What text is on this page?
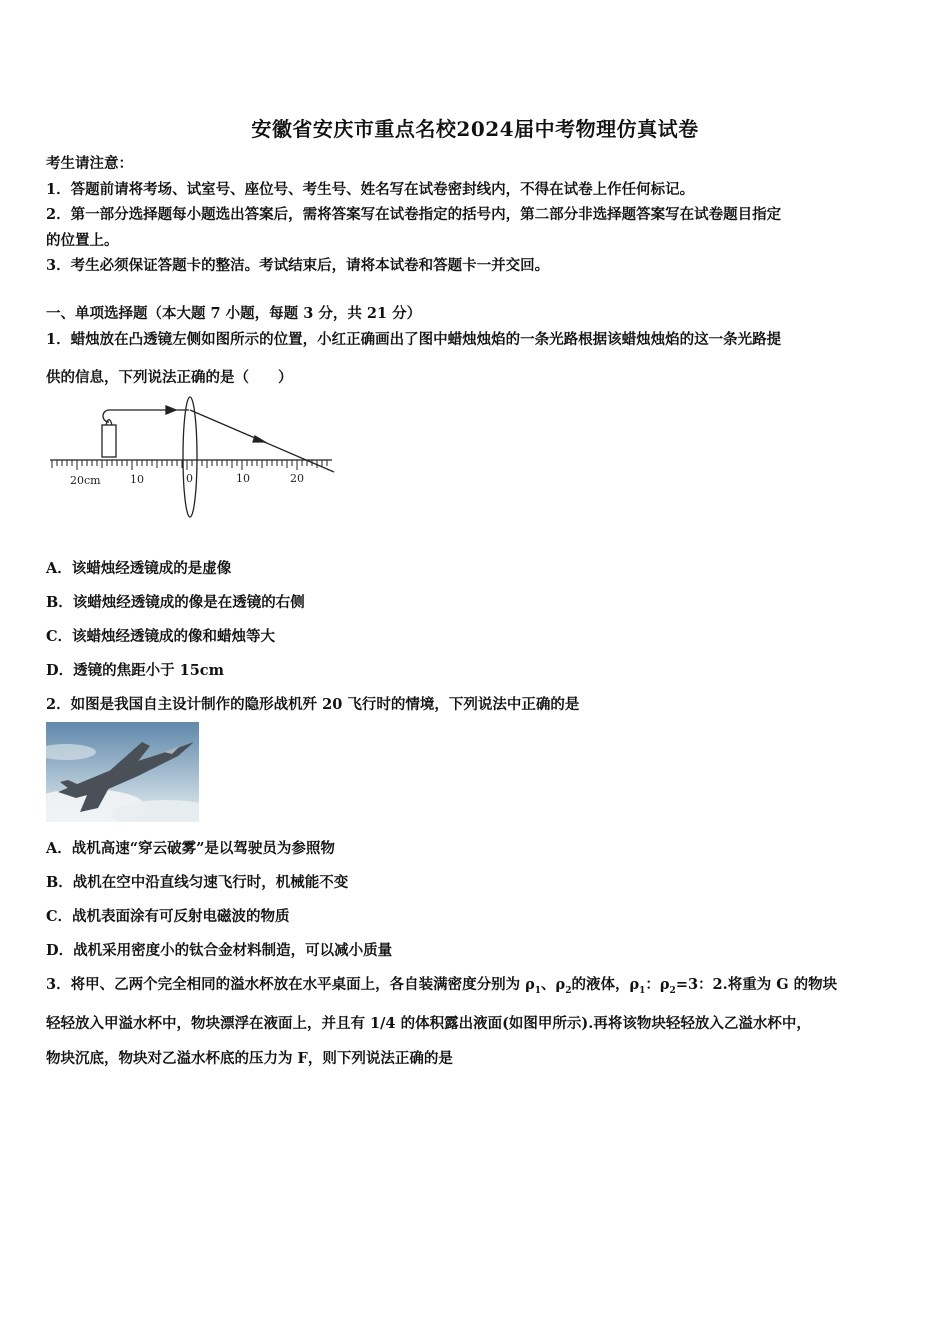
安徽省安庆市重点名校2024届中考物理仿真试卷
考生请注意：
1．答题前请将考场、试室号、座位号、考生号、姓名写在试卷密封线内，不得在试卷上作任何标记。
2．第一部分选择题每小题选出答案后，需将答案写在试卷指定的括号内，第二部分非选择题答案写在试卷题目指定
的位置上。
3．考生必须保证答题卡的整洁。考试结束后，请将本试卷和答题卡一并交回。
一、单项选择题（本大题 7 小题，每题 3 分，共 21 分）
1．蜡烛放在凸透镜左侧如图所示的位置，小红正确画出了图中蜡烛烛焰的一条光路根据该蜡烛烛焰的这一条光路提
供的信息，下列说法正确的是（　　）
20cm	10	0	10	20
A．该蜡烛经透镜成的是虚像
B．该蜡烛经透镜成的像是在透镜的右侧
C．该蜡烛经透镜成的像和蜡烛等大
D．透镜的焦距小于 15cm
2．如图是我国自主设计制作的隐形战机歼 20 飞行时的情境，下列说法中正确的是
A．战机高速“穿云破雾”是以驾驶员为参照物
B．战机在空中沿直线匀速飞行时，机械能不变
C．战机表面涂有可反射电磁波的物质
D．战机采用密度小的钛合金材料制造，可以减小质量
3．将甲、乙两个完全相同的溢水杯放在水平桌面上，各自装满密度分别为 $\rho_1$、$\rho_2$的液体，$\rho_1$：$\rho_2=3$：2.将重为 G 的物块
轻轻放入甲溢水杯中，物块漂浮在液面上，并且有 1/4 的体积露出液面(如图甲所示).再将该物块轻轻放入乙溢水杯中，
物块沉底，物块对乙溢水杯底的压力为 F，则下列说法正确的是
